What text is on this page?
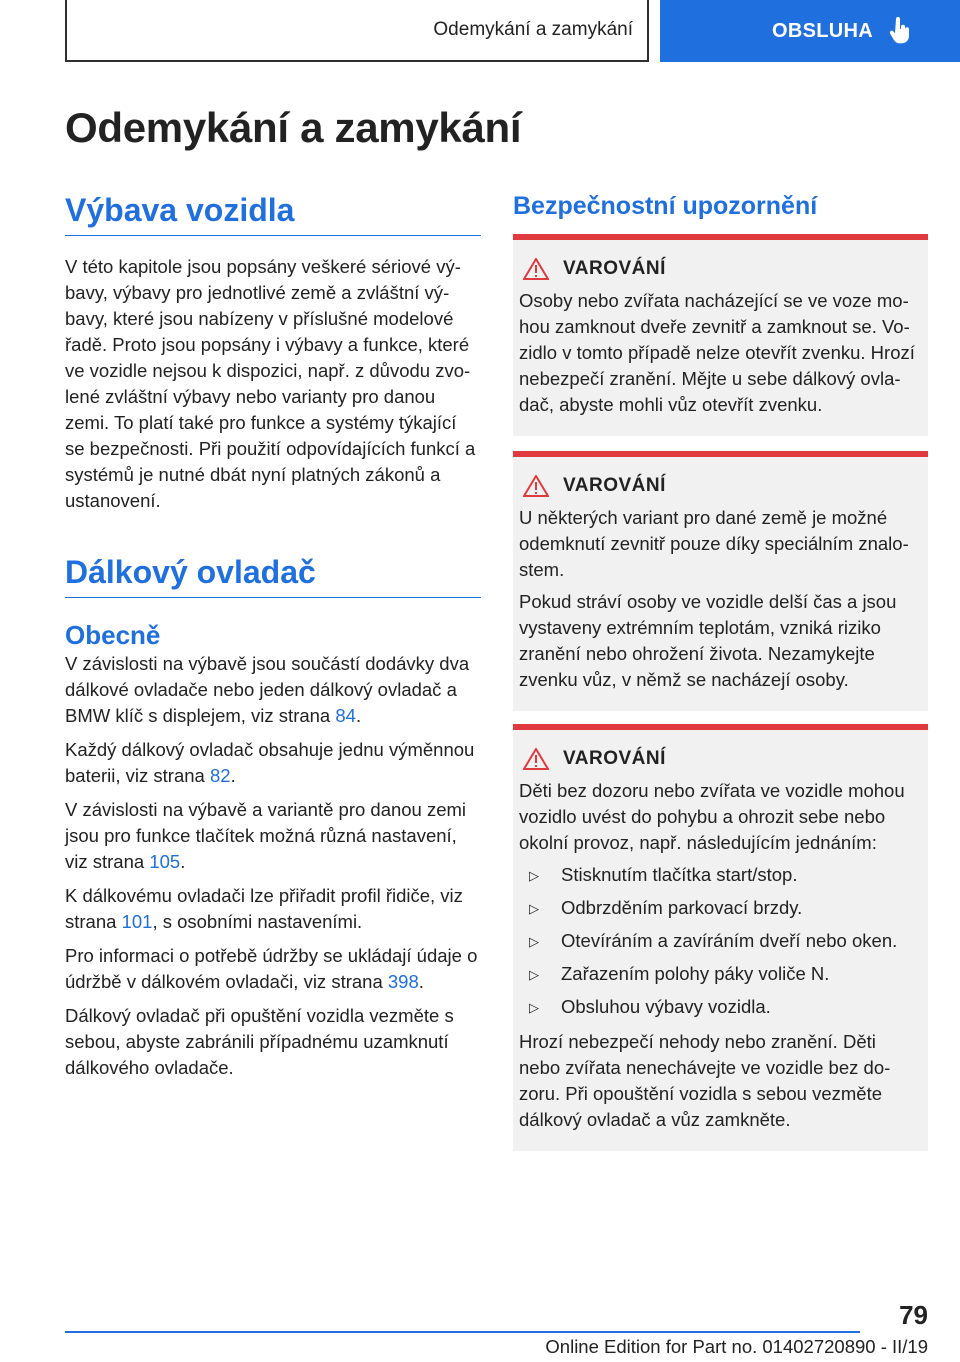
Odemykání a zamykání	OBSLUHA
Odemykání a zamykání
Výbava vozidla

V této kapitole jsou popsány veškeré sériové výbavy, výbavy pro jednotlivé země a zvláštní výbavy, které jsou nabízeny v příslušné modelové řadě. Proto jsou popsány i výbavy a funkce, které ve vozidle nejsou k dispozici, např. z důvodu zvolené zvláštní výbavy nebo varianty pro danou zemi. To platí také pro funkce a systémy týkající se bezpečnosti. Při použití odpovídajících funkcí a systémů je nutné dbát nyní platných zákonů a ustanovení.

Dálkový ovladač
Obecně

V závislosti na výbavě jsou součástí dodávky dva dálkové ovladače nebo jeden dálkový ovladač a BMW klíč s displejem, viz strana 84.

Každý dálkový ovladač obsahuje jednu výměnnou baterii, viz strana 82.

V závislosti na výbavě a variantě pro danou zemi jsou pro funkce tlačítek možná různá nastavení, viz strana 105.

K dálkovému ovladači lze přiřadit profil řidiče, viz strana 101, s osobními nastaveními.

Pro informaci o potřebě údržby se ukládají údaje o údržbě v dálkovém ovladači, viz strana 398.

Dálkový ovladač při opuštění vozidla vezměte s sebou, abyste zabránili případnému uzamknutí dálkového ovladače.

Bezpečnostní upozornění
VAROVÁNÍ

Osoby nebo zvířata nacházející se ve voze mohou zamknout dveře zevnitř a zamknout se. Vozidlo v tomto případě nelze otevřít zvenku. Hrozí nebezpečí zranění. Mějte u sebe dálkový ovladač, abyste mohli vůz otevřít zvenku.

VAROVÁNÍ

U některých variant pro dané země je možné odemknutí zevnitř pouze díky speciálním znalostem.

Pokud stráví osoby ve vozidle delší čas a jsou vystaveny extrémním teplotám, vzniká riziko zranění nebo ohrožení života. Nezamykejte zvenku vůz, v němž se nacházejí osoby.

VAROVÁNÍ

Děti bez dozoru nebo zvířata ve vozidle mohou vozidlo uvést do pohybu a ohrozit sebe nebo okolní provoz, např. následujícím jednáním:

▷	Stisknutím tlačítka start/stop.
▷	Odbrzděním parkovací brzdy.
▷	Otevíráním a zavíráním dveří nebo oken.
▷	Zařazením polohy páky voliče N.
▷	Obsluhou výbavy vozidla.

Hrozí nebezpečí nehody nebo zranění. Děti nebo zvířata nenechávejte ve vozidle bez dozoru. Při opouštění vozidla s sebou vezměte dálkový ovladač a vůz zamkněte.

79
Online Edition for Part no. 01402720890 - II/19
